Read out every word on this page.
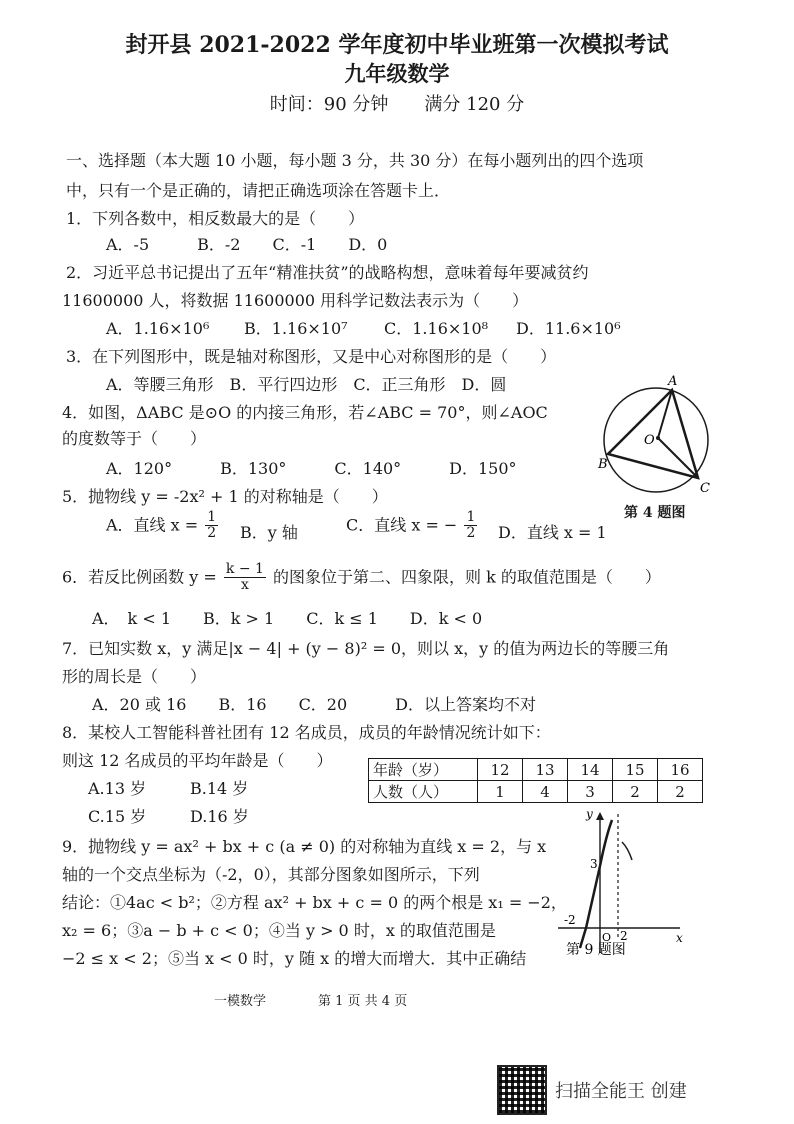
封开县 2021-2022 学年度初中毕业班第一次模拟考试
九年级数学
时间：90 分钟　　满分 120 分
一、选择题（本大题 10 小题，每小题 3 分，共 30 分）在每小题列出的四个选项
中，只有一个是正确的，请把正确选项涂在答题卡上．
1．下列各数中，相反数最大的是（　　）
A．-5　　　B．-2　　C．-1　　D．0
2．习近平总书记提出了五年“精准扶贫”的战略构想，意味着每年要减贫约
11600000 人，将数据 11600000 用科学记数法表示为（　　）
A．1.16×10⁶ B．1.16×10⁷ C．1.16×10⁸ D．11.6×10⁶
3．在下列图形中，既是轴对称图形，又是中心对称图形的是（　　）
A．等腰三角形　B．平行四边形　C．正三角形　D．圆
4．如图，ΔABC 是⊙O 的内接三角形，若∠ABC = 70°，则∠AOC
的度数等于（　　）
A．120°　　　B．130°　　　C．140°　　　D．150°
A
B
C
O
第 4 题图
5．抛物线 y = -2x² + 1 的对称轴是（　　）
A．直线 $x = \frac{1}{2}$ B．y 轴	C．直线 x = − $\frac{1}{2}$ D．直线 x = 1
6．若反比例函数 $y = \frac{k - 1}{x}$ 的图象位于第二、四象限，则 k 的取值范围是（　　）
A．　k < 1　　B．k > 1　　C．k ≤ 1　　D．k < 0
7．已知实数 x，y 满足|x − 4| + (y − 8)² = 0，则以 x，y 的值为两边长的等腰三角
形的周长是（　　）
A．20 或 16　　B．16　　C．20　　　D．以上答案均不对
8．某校人工智能科普社团有 12 名成员，成员的年龄情况统计如下：
则这 12 名成员的平均年龄是（　　）
A.13 岁	B.14 岁
C.15 岁	D.16 岁
年龄（岁）	12	13	14	15	16
人数（人）	1	4	3	2	2
9．抛物线 y = ax² + bx + c (a ≠ 0) 的对称轴为直线 x = 2，与 x
轴的一个交点坐标为（-2，0），其部分图象如图所示，下列
结论：①4ac < b²；②方程 ax² + bx + c = 0 的两个根是 x₁ = −2，
x₂ = 6；③a − b + c < 0；④当 y > 0 时，x 的取值范围是
−2 ≤ x < 2；⑤当 x < 0 时，y 随 x 的增大而增大．其中正确结
y
x
3
-2
O 2
第 9 题图
一模数学	第 1 页 共 4 页
扫描全能王 创建
